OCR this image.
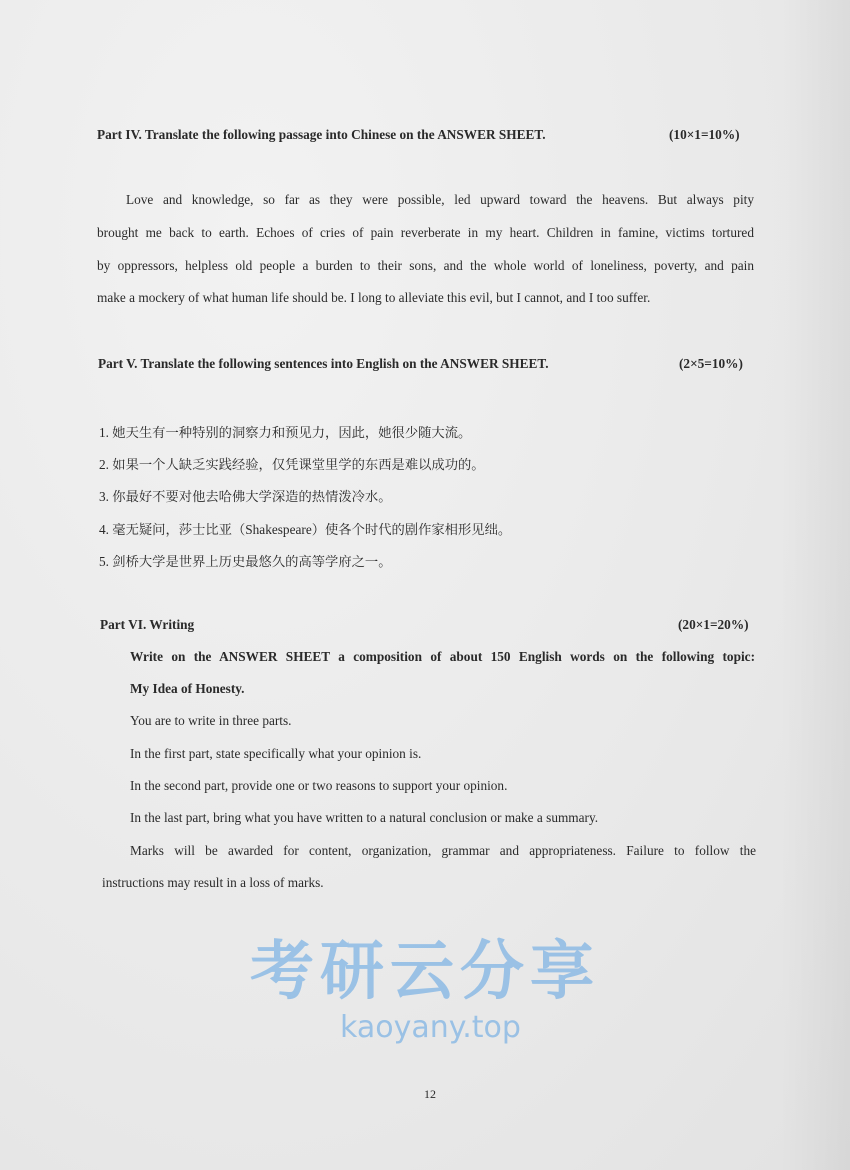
考研云分享
kaoyany.top
Part IV. Translate the following passage into Chinese on the ANSWER SHEET.	(10×1=10%)
Love and knowledge, so far as they were possible, led upward toward the heavens. But always pity
brought me back to earth. Echoes of cries of pain reverberate in my heart. Children in famine, victims tortured
by oppressors, helpless old people a burden to their sons, and the whole world of loneliness, poverty, and pain
make a mockery of what human life should be. I long to alleviate this evil, but I cannot, and I too suffer.
Part V. Translate the following sentences into English on the ANSWER SHEET.	(2×5=10%)
1. 她天生有一种特别的洞察力和预见力，因此，她很少随大流。
2. 如果一个人缺乏实践经验，仅凭课堂里学的东西是难以成功的。
3. 你最好不要对他去哈佛大学深造的热情泼冷水。
4. 毫无疑问，莎士比亚（Shakespeare）使各个时代的剧作家相形见绌。
5. 剑桥大学是世界上历史最悠久的高等学府之一。
Part VI. Writing	(20×1=20%)
Write on the ANSWER SHEET a composition of about 150 English words on the following topic:
My Idea of Honesty.
You are to write in three parts.
In the first part, state specifically what your opinion is.
In the second part, provide one or two reasons to support your opinion.
In the last part, bring what you have written to a natural conclusion or make a summary.
Marks will be awarded for content, organization, grammar and appropriateness. Failure to follow the
instructions may result in a loss of marks.
12
